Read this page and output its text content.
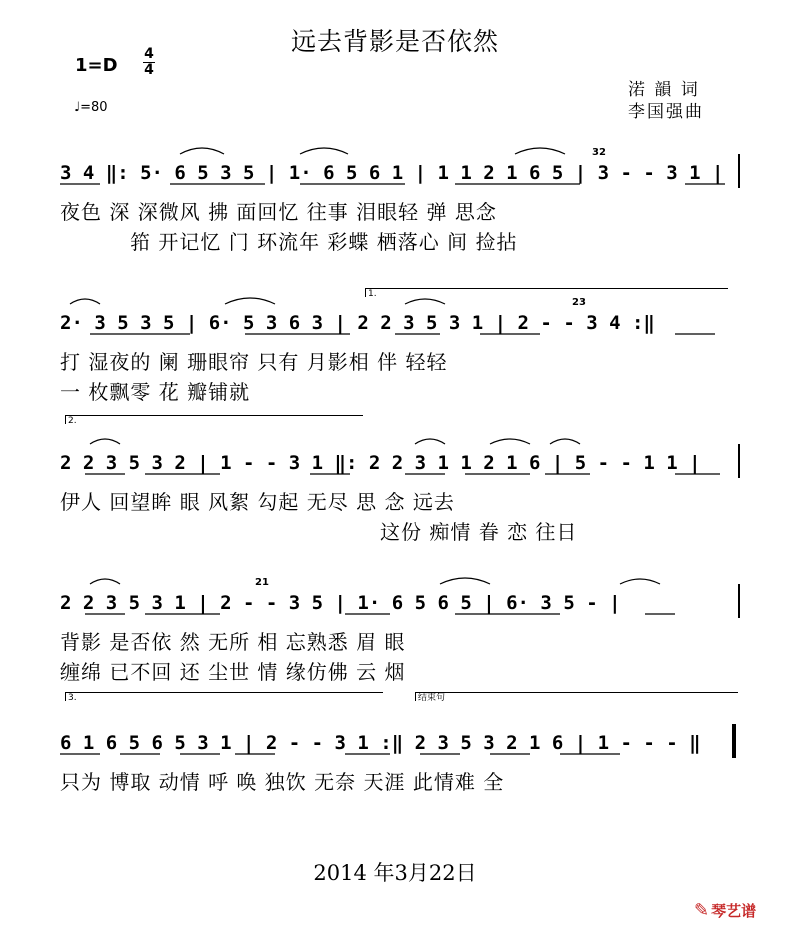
远去背影是否依然
1=D
4
4
♩=80
渃 韻 词
李国强曲
3 4 ‖: 5· 6 5 3 5 | 1· 6 5 6 1 | 1 1 2 1 6 5 | 3 - - 3 1 |
32
夜色 深 深微风 拂 面回忆 往事 泪眼轻 弹 思念
筘 开记忆 门 环流年 彩蝶 栖落心 间 捡拈
1.
2· 3 5 3 5 | 6· 5 3 6 3 | 2 2 3 5 3 1 | 2 - - 3 4 :‖
23
打 湿夜的 阑 珊眼帘 只有 月影相 伴 轻轻
一 枚飘零 花 瓣铺就
2.
2 2 3 5 3 2 | 1 - - 3 1 ‖: 2 2 3 1 1 2 1 6 | 5 - - 1 1 |
伊人 回望眸 眼 风絮 勾起 无尽 思 念 远去
这份 痴情 眷 恋 往日
2 2 3 5 3 1 | 2 - - 3 5 | 1· 6 5 6 5 | 6· 3 5 - |
21
背影 是否依 然 无所 相 忘熟悉 眉 眼
缠绵 已不回 还 尘世 情 缘仿佛 云 烟
3.	结束句
6 1 6 5 6 5 3 1 | 2 - - 3 1 :‖ 2 3 5 3 2 1 6 | 1 - - - ‖
只为 博取 动情 呼 唤 独饮 无奈 天涯 此情难 全
2014 年3月22日
✎ 琴艺谱
